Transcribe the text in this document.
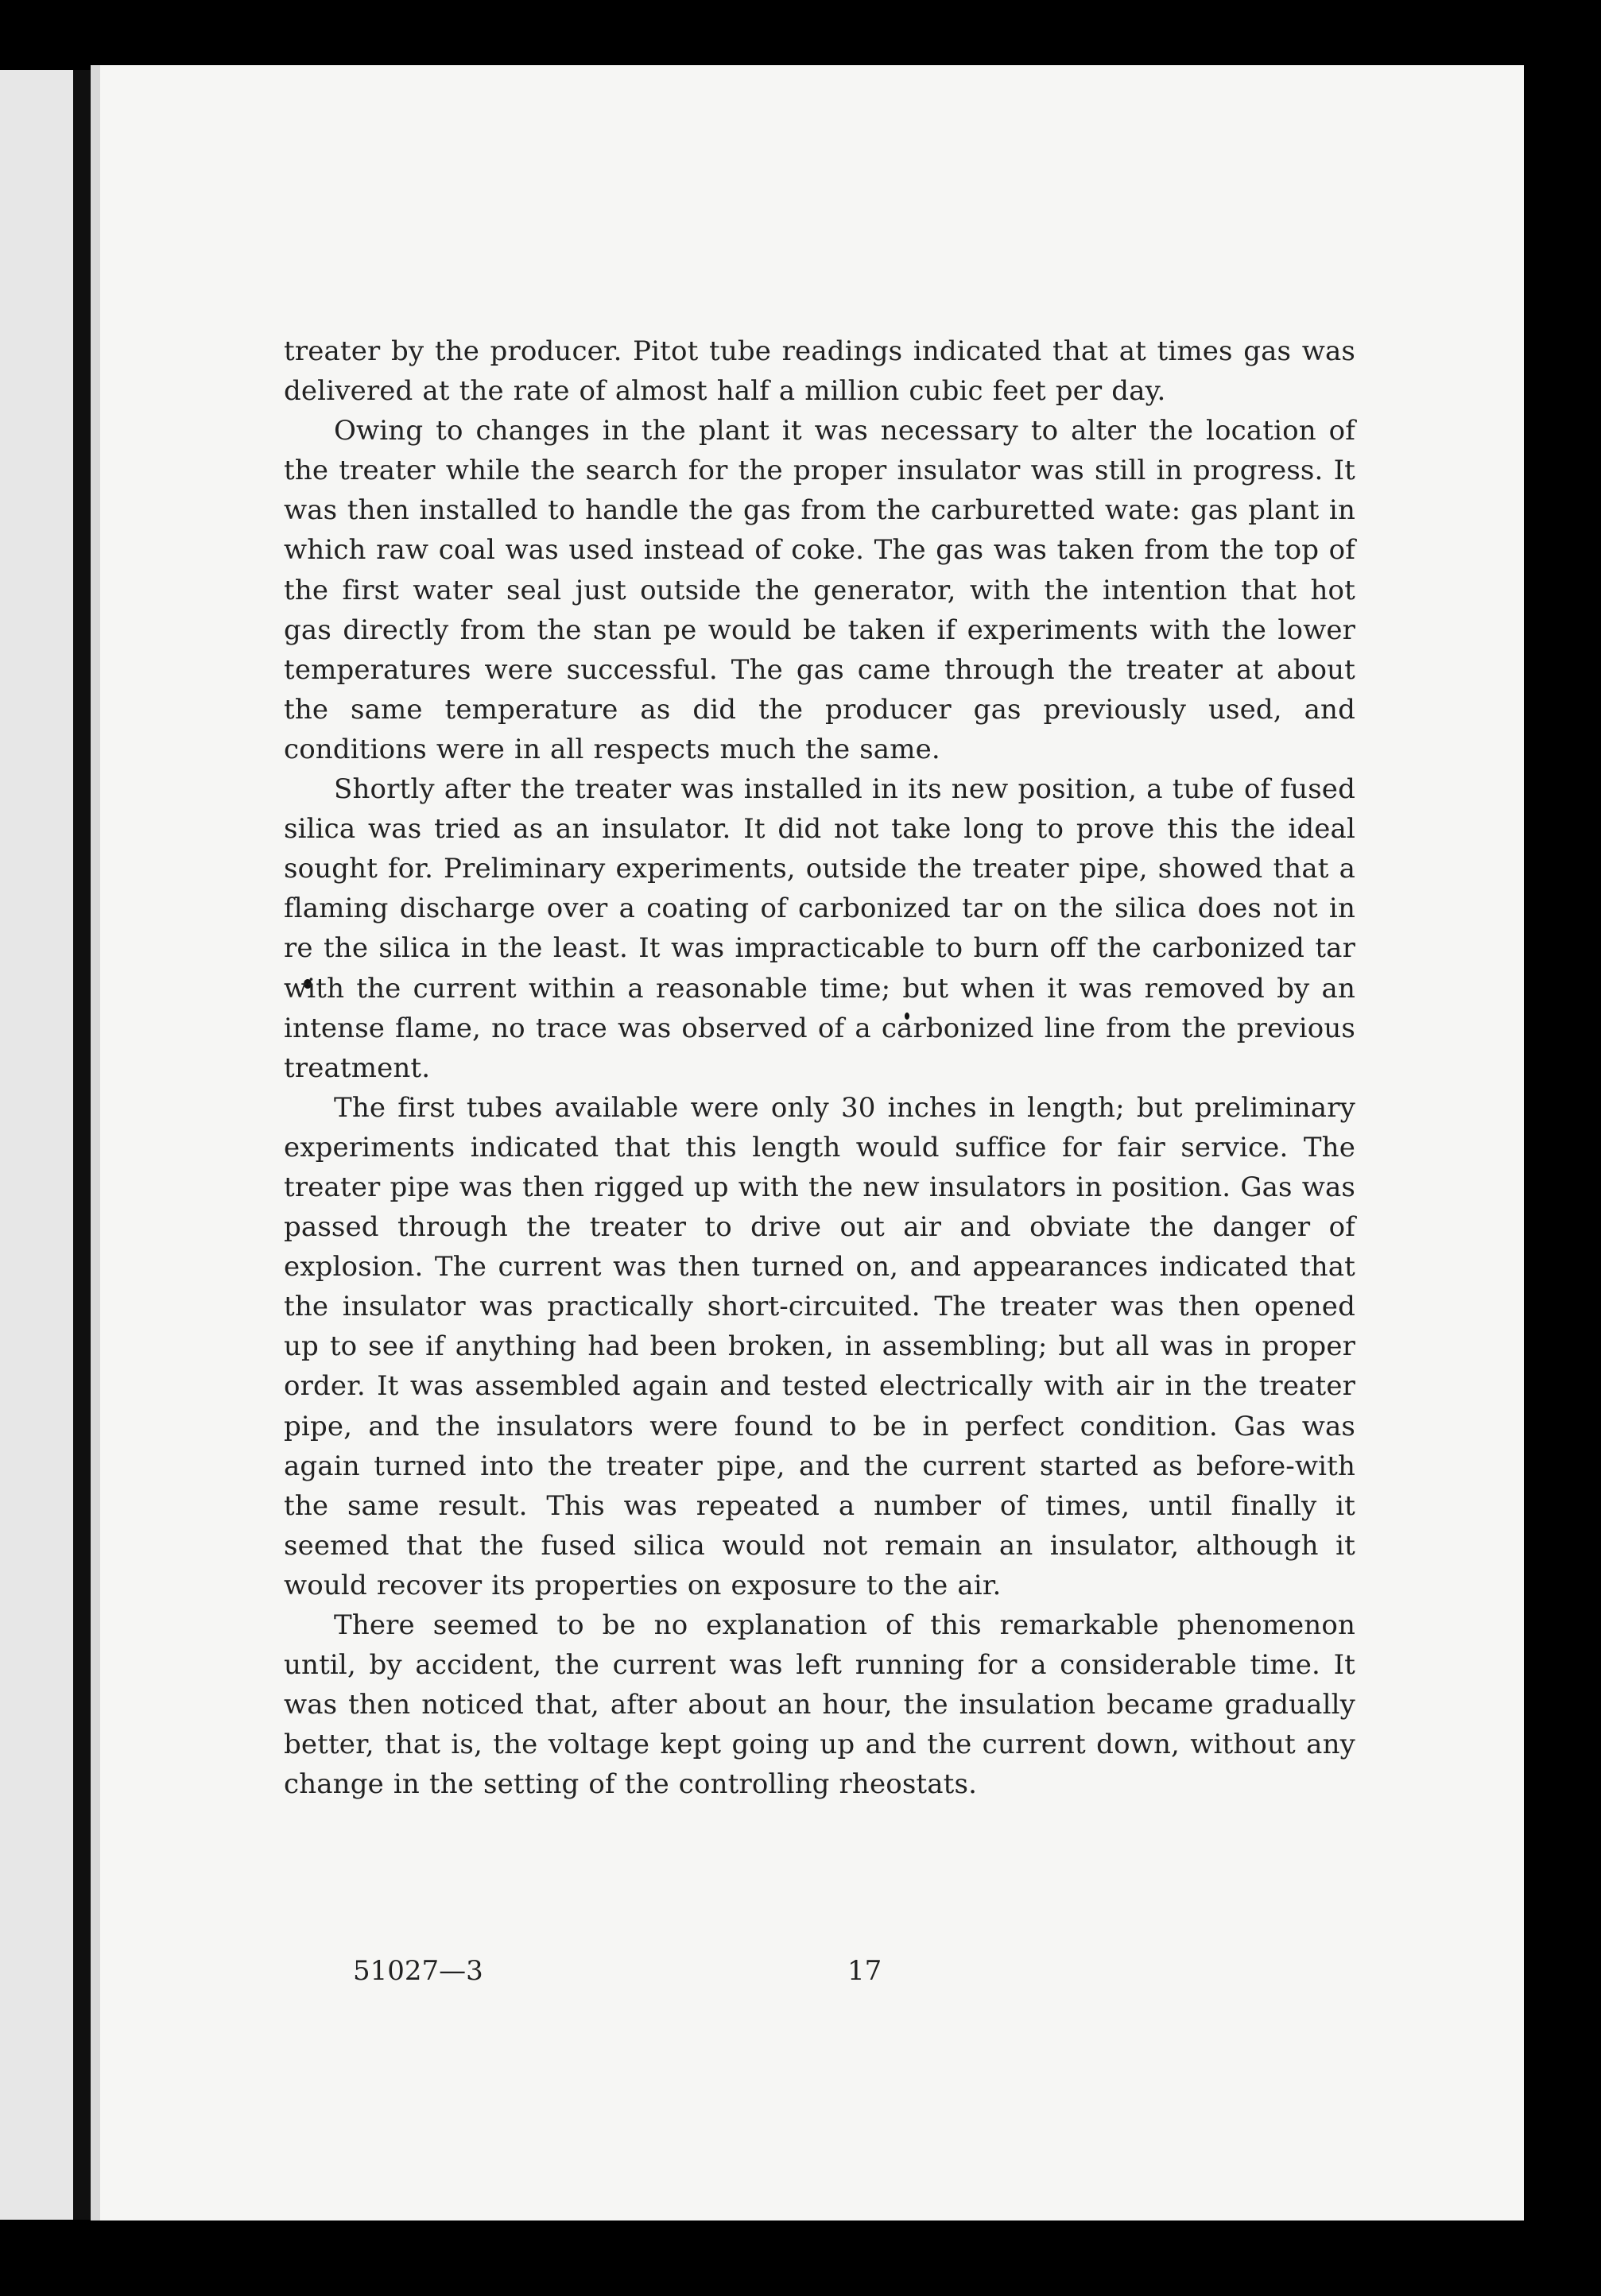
treater by the producer. Pitot tube readings indicated that at times gas was delivered at the rate of almost half a million cubic feet per day.

Owing to changes in the plant it was necessary to alter the location of the treater while the search for the proper insulator was still in progress. It was then installed to handle the gas from the carburetted wate: gas plant in which raw coal was used instead of coke. The gas was taken from the top of the first water seal just outside the generator, with the intention that hot gas directly from the stan pe would be taken if experiments with the lower temperatures were successful. The gas came through the treater at about the same temperature as did the producer gas previously used, and conditions were in all respects much the same.

Shortly after the treater was installed in its new position, a tube of fused silica was tried as an insulator. It did not take long to prove this the ideal sought for. Preliminary experiments, outside the treater pipe, showed that a flaming discharge over a coating of carbonized tar on the silica does not in re the silica in the least. It was impracticable to burn off the carbonized tar with the current within a reasonable time; but when it was removed by an intense flame, no trace was observed of a carbonized line from the previous treatment.

The first tubes available were only 30 inches in length; but preliminary experiments indicated that this length would suffice for fair service. The treater pipe was then rigged up with the new insulators in position. Gas was passed through the treater to drive out air and obviate the danger of explosion. The current was then turned on, and appearances indicated that the insulator was practically short-circuited. The treater was then opened up to see if anything had been broken, in assembling; but all was in proper order. It was assembled again and tested electrically with air in the treater pipe, and the insulators were found to be in perfect condition. Gas was again turned into the treater pipe, and the current started as before-with the same result. This was repeated a number of times, until finally it seemed that the fused silica would not remain an insulator, although it would recover its properties on exposure to the air.

There seemed to be no explanation of this remarkable phenomenon until, by accident, the current was left running for a considerable time. It was then noticed that, after about an hour, the insulation became gradually better, that is, the voltage kept going up and the current down, without any change in the setting of the controlling rheostats.

51027—3	17
